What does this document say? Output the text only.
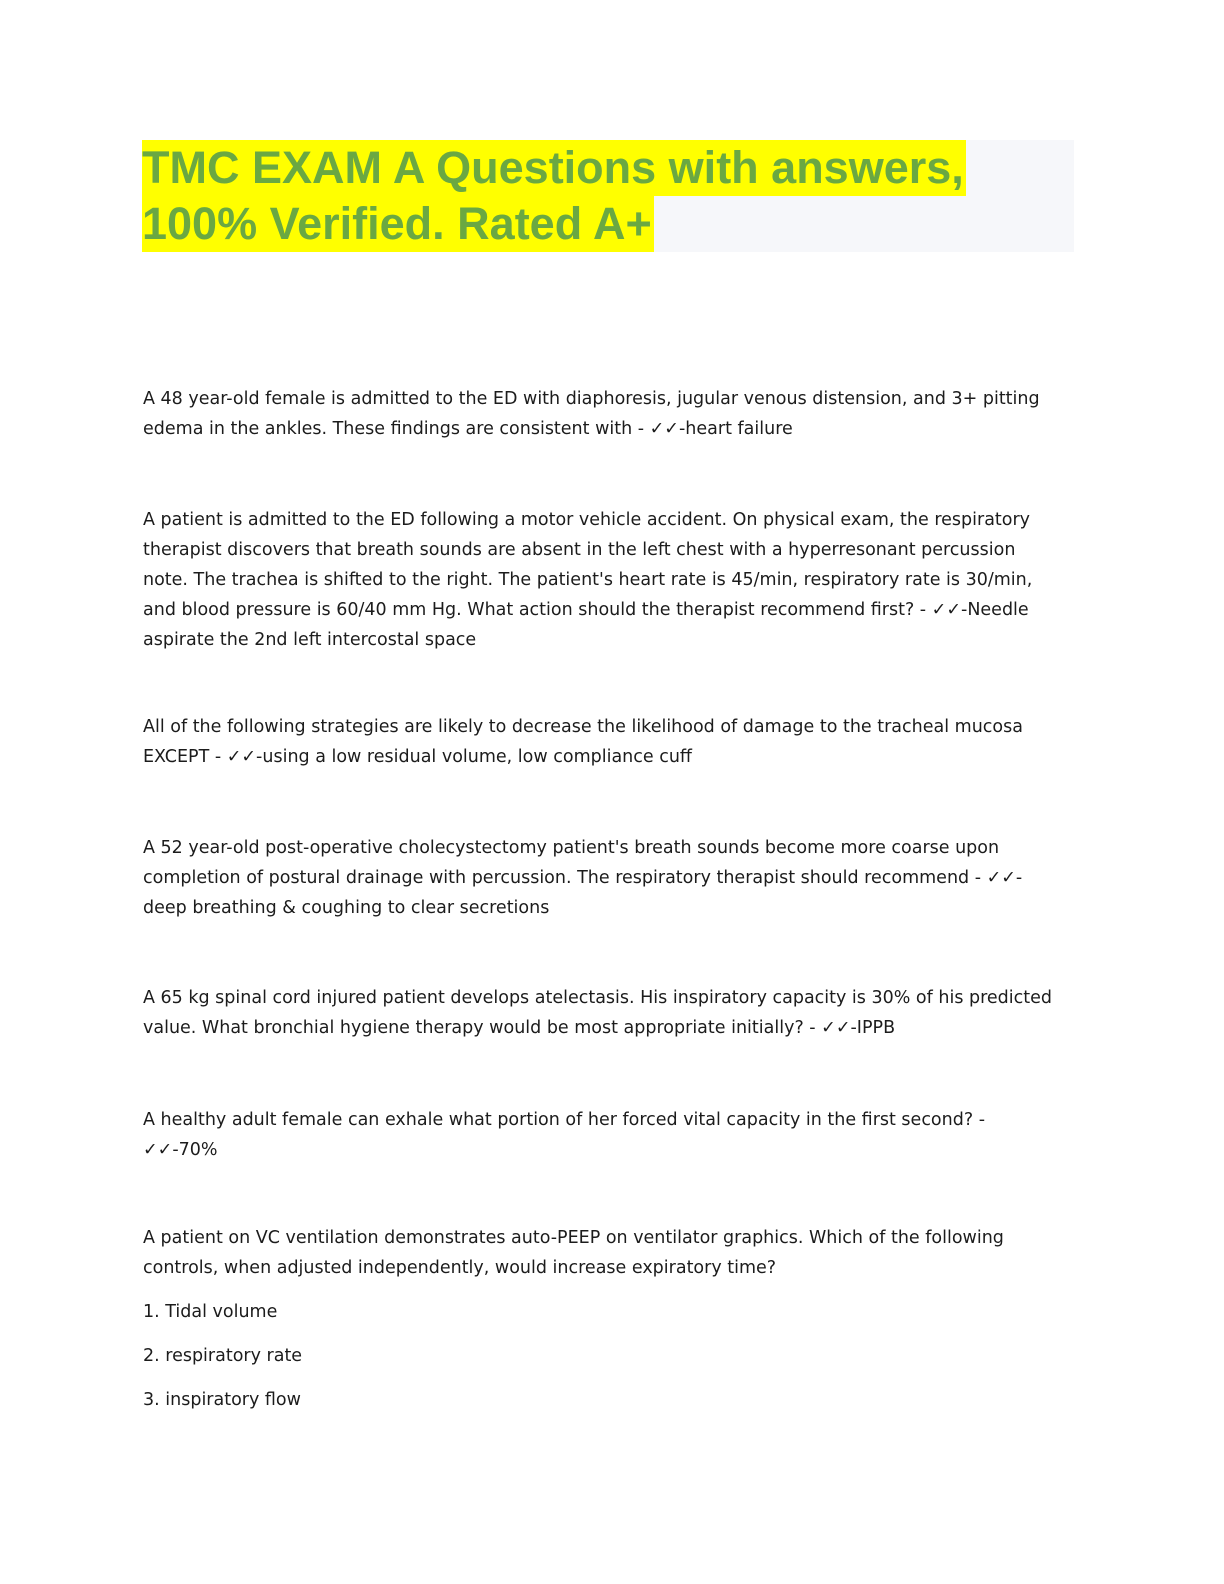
TMC EXAM A Questions with answers,
100% Verified. Rated A+

A 48 year-old female is admitted to the ED with diaphoresis, jugular venous distension, and 3+ pitting edema in the ankles. These findings are consistent with - ✓✓-heart failure

A patient is admitted to the ED following a motor vehicle accident. On physical exam, the respiratory therapist discovers that breath sounds are absent in the left chest with a hyperresonant percussion note. The trachea is shifted to the right. The patient's heart rate is 45/min, respiratory rate is 30/min, and blood pressure is 60/40 mm Hg. What action should the therapist recommend first? - ✓✓-Needle aspirate the 2nd left intercostal space

All of the following strategies are likely to decrease the likelihood of damage to the tracheal mucosa EXCEPT - ✓✓-using a low residual volume, low compliance cuff

A 52 year-old post-operative cholecystectomy patient's breath sounds become more coarse upon completion of postural drainage with percussion. The respiratory therapist should recommend - ✓✓-deep breathing & coughing to clear secretions

A 65 kg spinal cord injured patient develops atelectasis. His inspiratory capacity is 30% of his predicted value. What bronchial hygiene therapy would be most appropriate initially? - ✓✓-IPPB

A healthy adult female can exhale what portion of her forced vital capacity in the first second? - ✓✓-70%

A patient on VC ventilation demonstrates auto-PEEP on ventilator graphics. Which of the following controls, when adjusted independently, would increase expiratory time?

1. Tidal volume

2. respiratory rate

3. inspiratory flow
